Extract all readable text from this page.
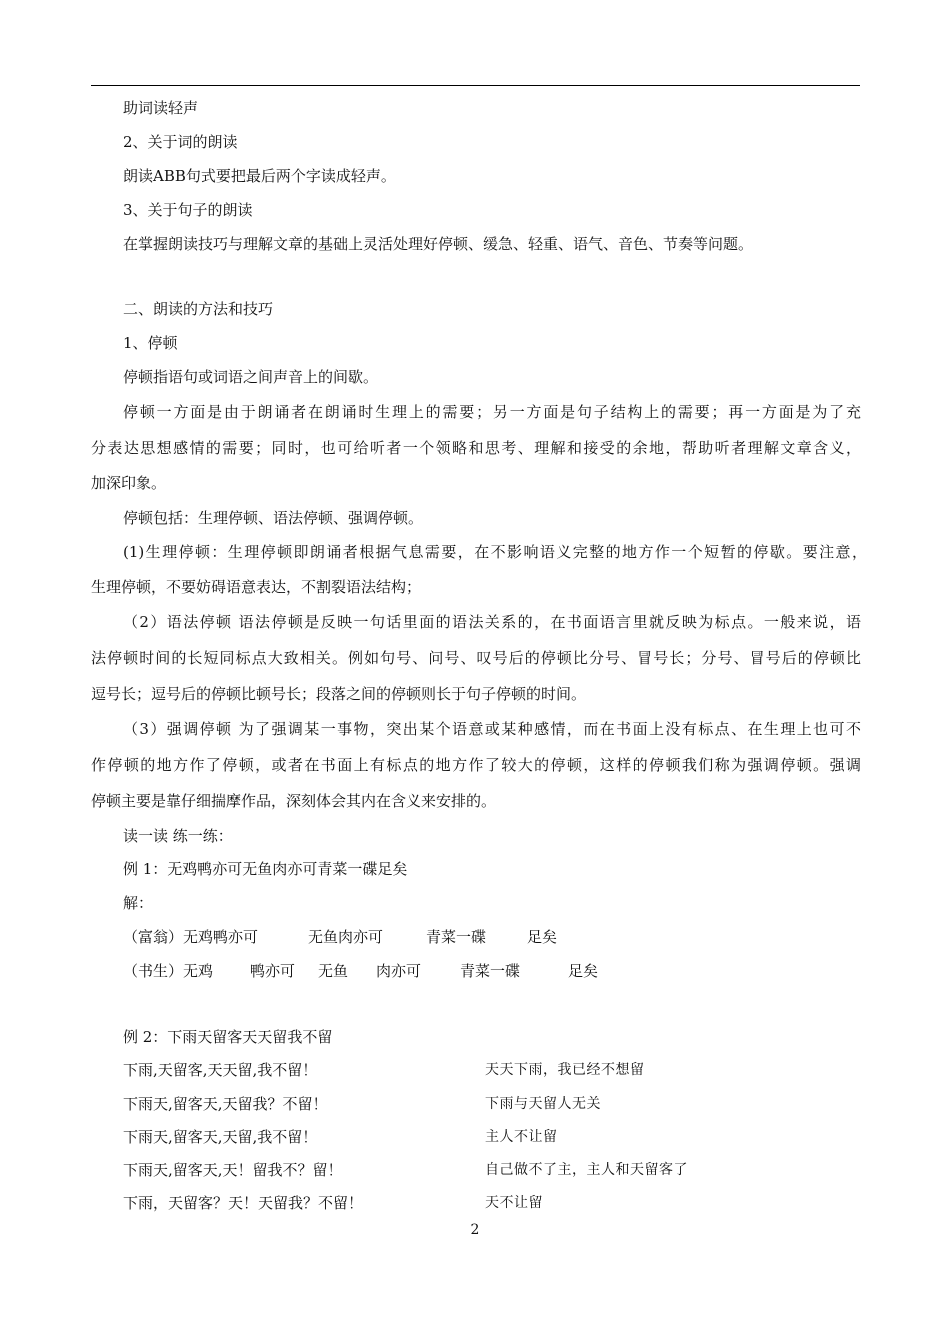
助词读轻声
2、关于词的朗读
朗读ABB句式要把最后两个字读成轻声。
3、关于句子的朗读
在掌握朗读技巧与理解文章的基础上灵活处理好停顿、缓急、轻重、语气、音色、节奏等问题。
二、朗读的方法和技巧
1、停顿
停顿指语句或词语之间声音上的间歇。
停顿一方面是由于朗诵者在朗诵时生理上的需要；另一方面是句子结构上的需要；再一方面是为了充
分表达思想感情的需要；同时，也可给听者一个领略和思考、理解和接受的余地，帮助听者理解文章含义，
加深印象。
停顿包括：生理停顿、语法停顿、强调停顿。
(1)生理停顿：生理停顿即朗诵者根据气息需要，在不影响语义完整的地方作一个短暂的停歇。要注意，
生理停顿，不要妨碍语意表达，不割裂语法结构；
（2）语法停顿 语法停顿是反映一句话里面的语法关系的，在书面语言里就反映为标点。一般来说，语
法停顿时间的长短同标点大致相关。例如句号、问号、叹号后的停顿比分号、冒号长；分号、冒号后的停顿比
逗号长；逗号后的停顿比顿号长；段落之间的停顿则长于句子停顿的时间。
（3）强调停顿 为了强调某一事物，突出某个语意或某种感情，而在书面上没有标点、在生理上也可不
作停顿的地方作了停顿，或者在书面上有标点的地方作了较大的停顿，这样的停顿我们称为强调停顿。强调
停顿主要是靠仔细揣摩作品，深刻体会其内在含义来安排的。
读一读 练一练：
例 1：无鸡鸭亦可无鱼肉亦可青菜一碟足矣
解：
（富翁）无鸡鸭亦可	无鱼肉亦可	青菜一碟	足矣
（书生）无鸡 鸭亦可 无鱼 肉亦可	青菜一碟	足矣
例 2：下雨天留客天天留我不留
下雨,天留客,天天留,我不留！	天天下雨，我已经不想留
下雨天,留客天,天留我？不留！	下雨与天留人无关
下雨天,留客天,天留,我不留！	主人不让留
下雨天,留客天,天！留我不？留！	自己做不了主，主人和天留客了
下雨，天留客？天！天留我？不留！	天不让留
2
